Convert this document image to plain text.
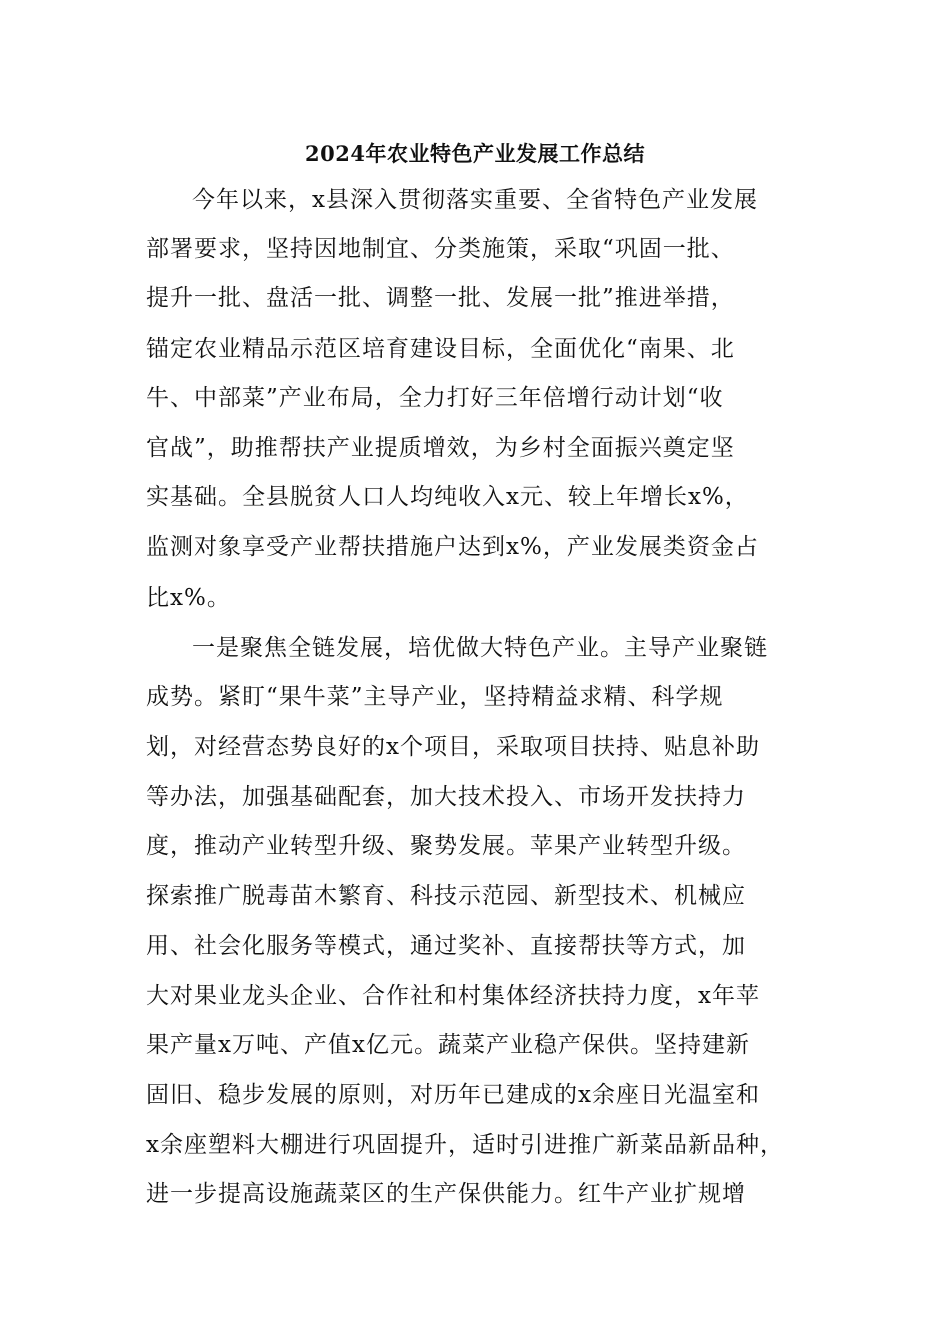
2024年农业特色产业发展工作总结
今年以来，x县深入贯彻落实重要、全省特色产业发展
部署要求，坚持因地制宜、分类施策，采取“巩固一批、
提升一批、盘活一批、调整一批、发展一批”推进举措，
锚定农业精品示范区培育建设目标，全面优化“南果、北
牛、中部菜”产业布局，全力打好三年倍增行动计划“收
官战”，助推帮扶产业提质增效，为乡村全面振兴奠定坚
实基础。全县脱贫人口人均纯收入x元、较上年增长x%，
监测对象享受产业帮扶措施户达到x%，产业发展类资金占
比x%。
一是聚焦全链发展，培优做大特色产业。主导产业聚链
成势。紧盯“果牛菜”主导产业，坚持精益求精、科学规
划，对经营态势良好的x个项目，采取项目扶持、贴息补助
等办法，加强基础配套，加大技术投入、市场开发扶持力
度，推动产业转型升级、聚势发展。苹果产业转型升级。
探索推广脱毒苗木繁育、科技示范园、新型技术、机械应
用、社会化服务等模式，通过奖补、直接帮扶等方式，加
大对果业龙头企业、合作社和村集体经济扶持力度，x年苹
果产量x万吨、产值x亿元。蔬菜产业稳产保供。坚持建新
固旧、稳步发展的原则，对历年已建成的x余座日光温室和
x余座塑料大棚进行巩固提升，适时引进推广新菜品新品种，
进一步提高设施蔬菜区的生产保供能力。红牛产业扩规增
